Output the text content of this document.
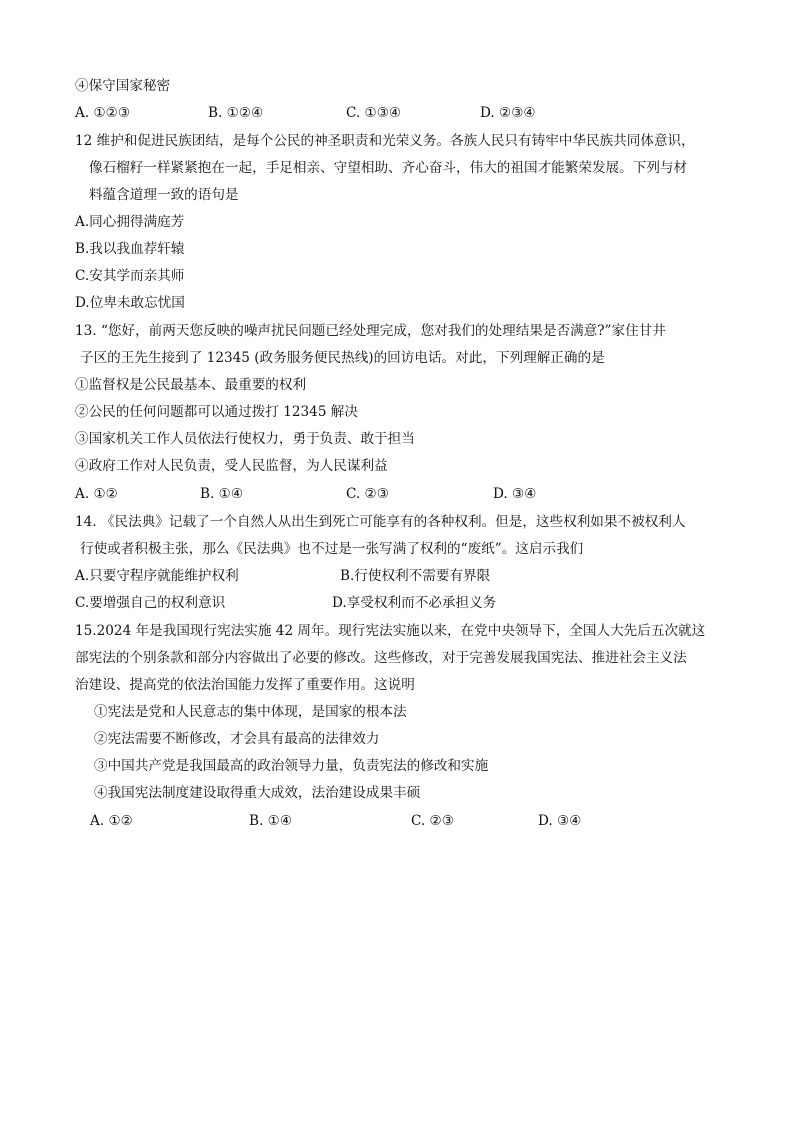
④保守国家秘密
A. ①②③	B. ①②④	C. ①③④	D. ②③④
12 维护和促进民族团结，是每个公民的神圣职责和光荣义务。各族人民只有铸牢中华民族共同体意识，
像石榴籽一样紧紧抱在一起，手足相亲、守望相助、齐心奋斗，伟大的祖国才能繁荣发展。下列与材
料蕴含道理一致的语句是
A.同心拥得满庭芳
B.我以我血荐轩辕
C.安其学而亲其师
D.位卑未敢忘忧国
13. “您好，前两天您反映的噪声扰民问题已经处理完成，您对我们的处理结果是否满意?”家住甘井
子区的王先生接到了 12345 (政务服务便民热线)的回访电话。对此，下列理解正确的是
①监督权是公民最基本、最重要的权利
②公民的任何问题都可以通过拨打 12345 解决
③国家机关工作人员依法行使权力，勇于负责、敢于担当
④政府工作对人民负责，受人民监督，为人民谋利益
A. ①②	B. ①④	C. ②③	D. ③④
14. 《民法典》记载了一个自然人从出生到死亡可能享有的各种权利。但是，这些权利如果不被权利人
行使或者积极主张，那么《民法典》也不过是一张写满了权利的“废纸”。这启示我们
A.只要守程序就能维护权利	B.行使权利不需要有界限
C.要增强自己的权利意识	D.享受权利而不必承担义务
15.2024 年是我国现行宪法实施 42 周年。现行宪法实施以来，在党中央领导下，全国人大先后五次就这
部宪法的个别条款和部分内容做出了必要的修改。这些修改，对于完善发展我国宪法、推进社会主义法
治建设、提高党的依法治国能力发挥了重要作用。这说明
①宪法是党和人民意志的集中体现，是国家的根本法
②宪法需要不断修改，才会具有最高的法律效力
③中国共产党是我国最高的政治领导力量，负责宪法的修改和实施
④我国宪法制度建设取得重大成效，法治建设成果丰硕
A. ①②	B. ①④	C. ②③	D. ③④
